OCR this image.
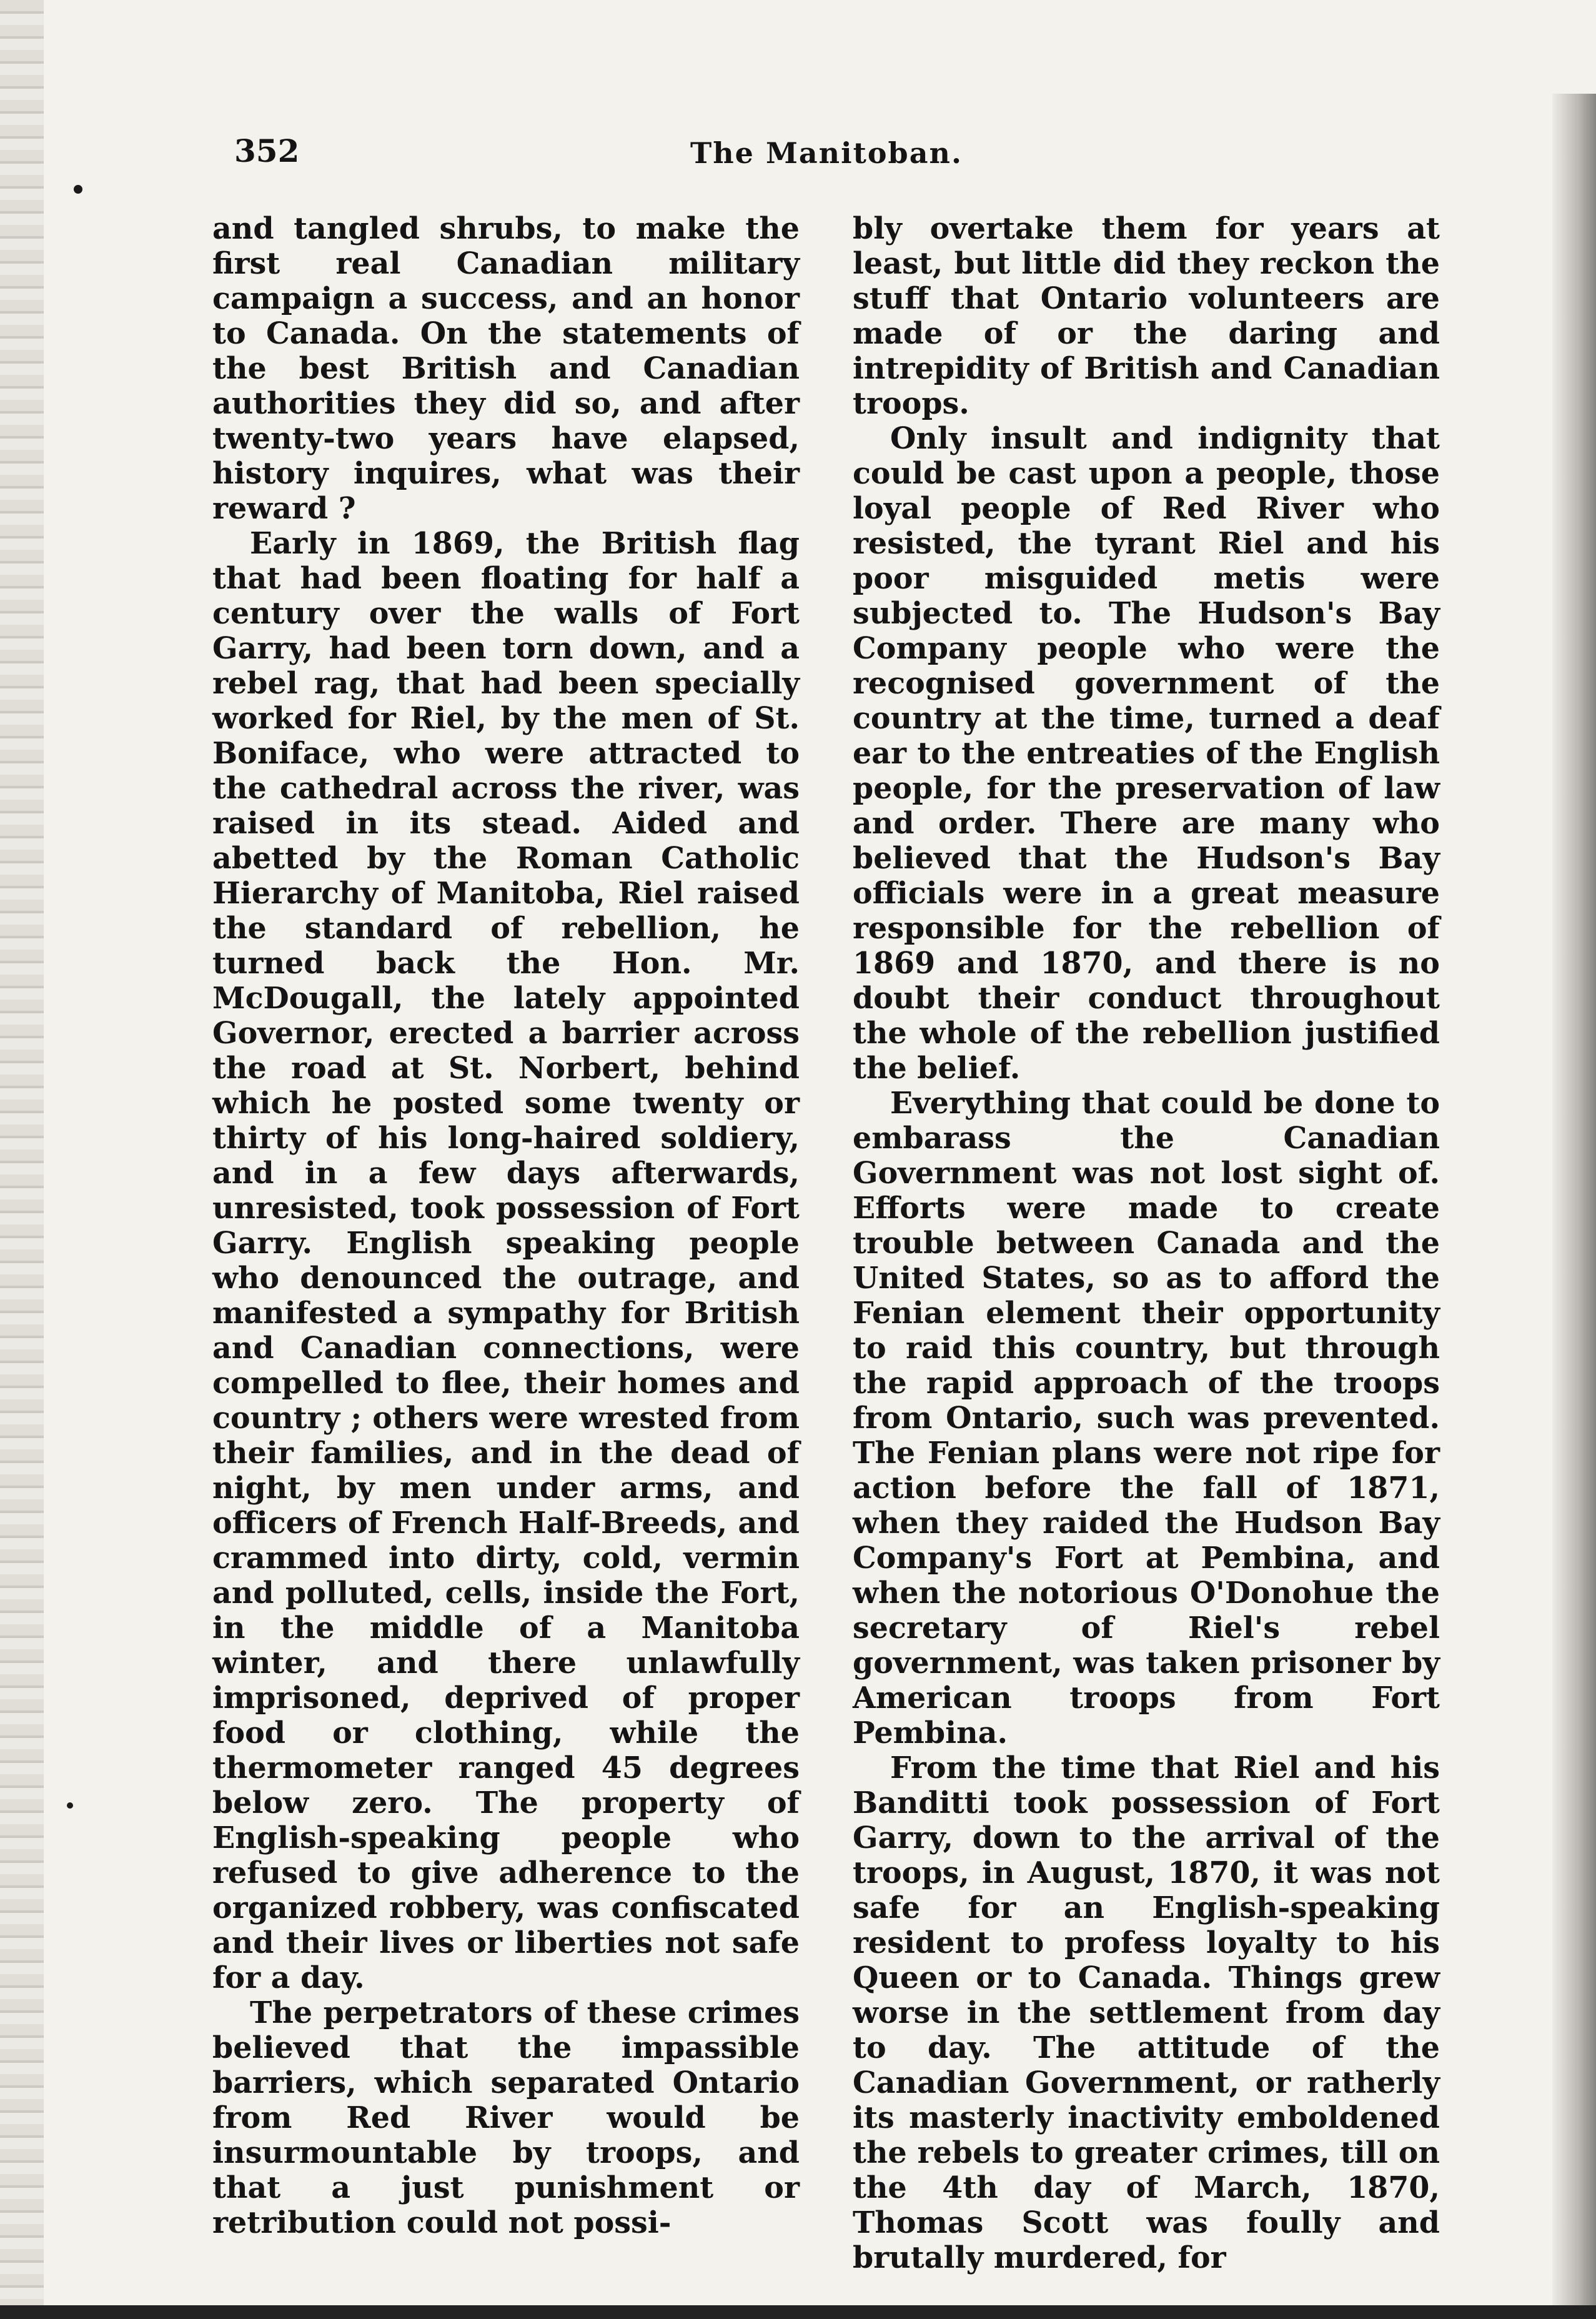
352	The Manitoban.

and tangled shrubs, to make the first real Canadian military campaign a success, and an honor to Canada. On the statements of the best British and Canadian authorities they did so, and after twenty-two years have elapsed, history inquires, what was their reward ?

Early in 1869, the British flag that had been floating for half a century over the walls of Fort Garry, had been torn down, and a rebel rag, that had been specially worked for Riel, by the men of St. Boniface, who were attracted to the cathedral across the river, was raised in its stead. Aided and abetted by the Roman Catholic Hierarchy of Manitoba, Riel raised the standard of rebellion, he turned back the Hon. Mr. McDougall, the lately appointed Governor, erected a barrier across the road at St. Norbert, behind which he posted some twenty or thirty of his long-haired soldiery, and in a few days afterwards, unresisted, took possession of Fort Garry. English speaking people who denounced the outrage, and manifested a sympathy for British and Canadian connections, were compelled to flee, their homes and country ; others were wrested from their families, and in the dead of night, by men under arms, and officers of French Half-Breeds, and crammed into dirty, cold, vermin and polluted, cells, inside the Fort, in the middle of a Manitoba winter, and there unlawfully imprisoned, deprived of proper food or clothing, while the thermometer ranged 45 degrees below zero. The property of English-speaking people who refused to give adherence to the organized robbery, was confiscated and their lives or liberties not safe for a day.

The perpetrators of these crimes believed that the impassible barriers, which separated Ontario from Red River would be insurmountable by troops, and that a just punishment or retribution could not possi-

bly overtake them for years at least, but little did they reckon the stuff that Ontario volunteers are made of or the daring and intrepidity of British and Canadian troops.

Only insult and indignity that could be cast upon a people, those loyal people of Red River who resisted, the tyrant Riel and his poor misguided metis were subjected to. The Hudson's Bay Company people who were the recognised government of the country at the time, turned a deaf ear to the entreaties of the English people, for the preservation of law and order. There are many who believed that the Hudson's Bay officials were in a great measure responsible for the rebellion of 1869 and 1870, and there is no doubt their conduct throughout the whole of the rebellion justified the belief.

Everything that could be done to embarass the Canadian Government was not lost sight of. Efforts were made to create trouble between Canada and the United States, so as to afford the Fenian element their opportunity to raid this country, but through the rapid approach of the troops from Ontario, such was prevented. The Fenian plans were not ripe for action before the fall of 1871, when they raided the Hudson Bay Company's Fort at Pembina, and when the notorious O'Donohue the secretary of Riel's rebel government, was taken prisoner by American troops from Fort Pembina.

From the time that Riel and his Banditti took possession of Fort Garry, down to the arrival of the troops, in August, 1870, it was not safe for an English-speaking resident to profess loyalty to his Queen or to Canada. Things grew worse in the settlement from day to day. The attitude of the Canadian Government, or ratherly its masterly inactivity emboldened the rebels to greater crimes, till on the 4th day of March, 1870, Thomas Scott was foully and brutally murdered, for
